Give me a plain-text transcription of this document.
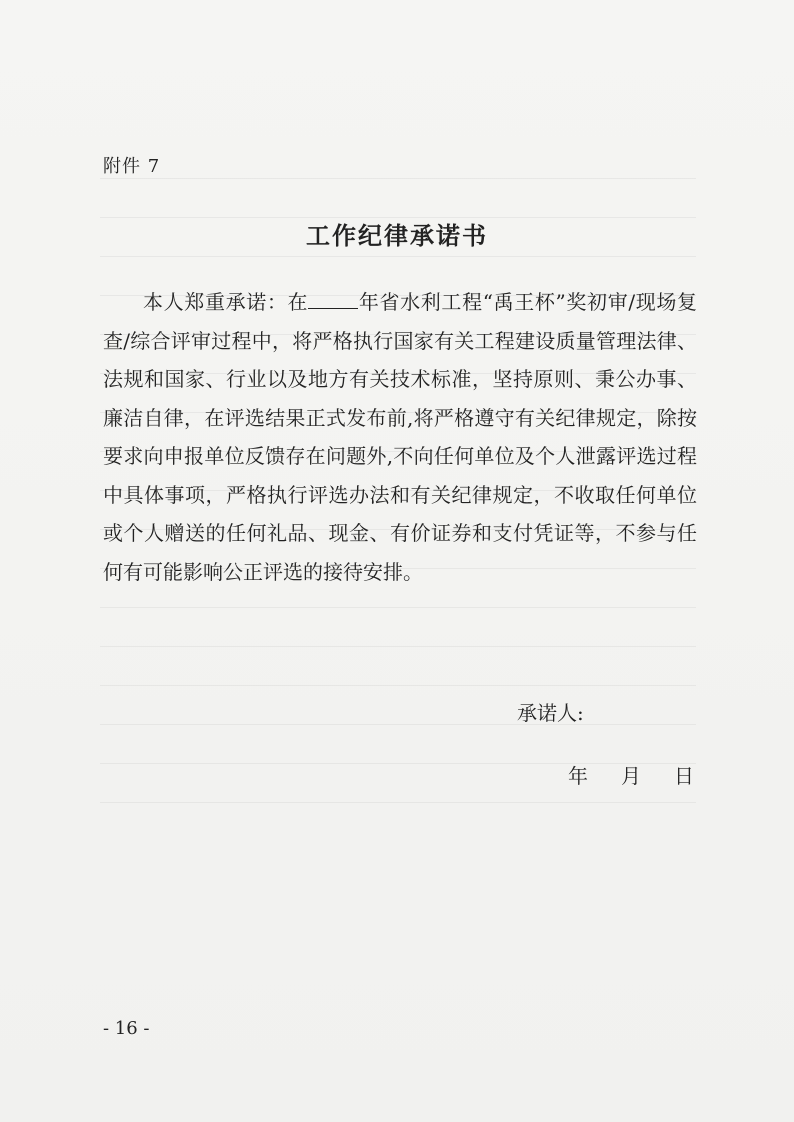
附件 7
工作纪律承诺书

本人郑重承诺：在	年省水利工程“禹王杯”奖初审/现场复查/综合评审过程中，将严格执行国家有关工程建设质量管理法律、法规和国家、行业以及地方有关技术标准，坚持原则、秉公办事、廉洁自律，在评选结果正式发布前,将严格遵守有关纪律规定，除按要求向申报单位反馈存在问题外,不向任何单位及个人泄露评选过程中具体事项，严格执行评选办法和有关纪律规定，不收取任何单位或个人赠送的任何礼品、现金、有价证券和支付凭证等，不参与任何有可能影响公正评选的接待安排。

承诺人:
年 月 日
- 16 -
